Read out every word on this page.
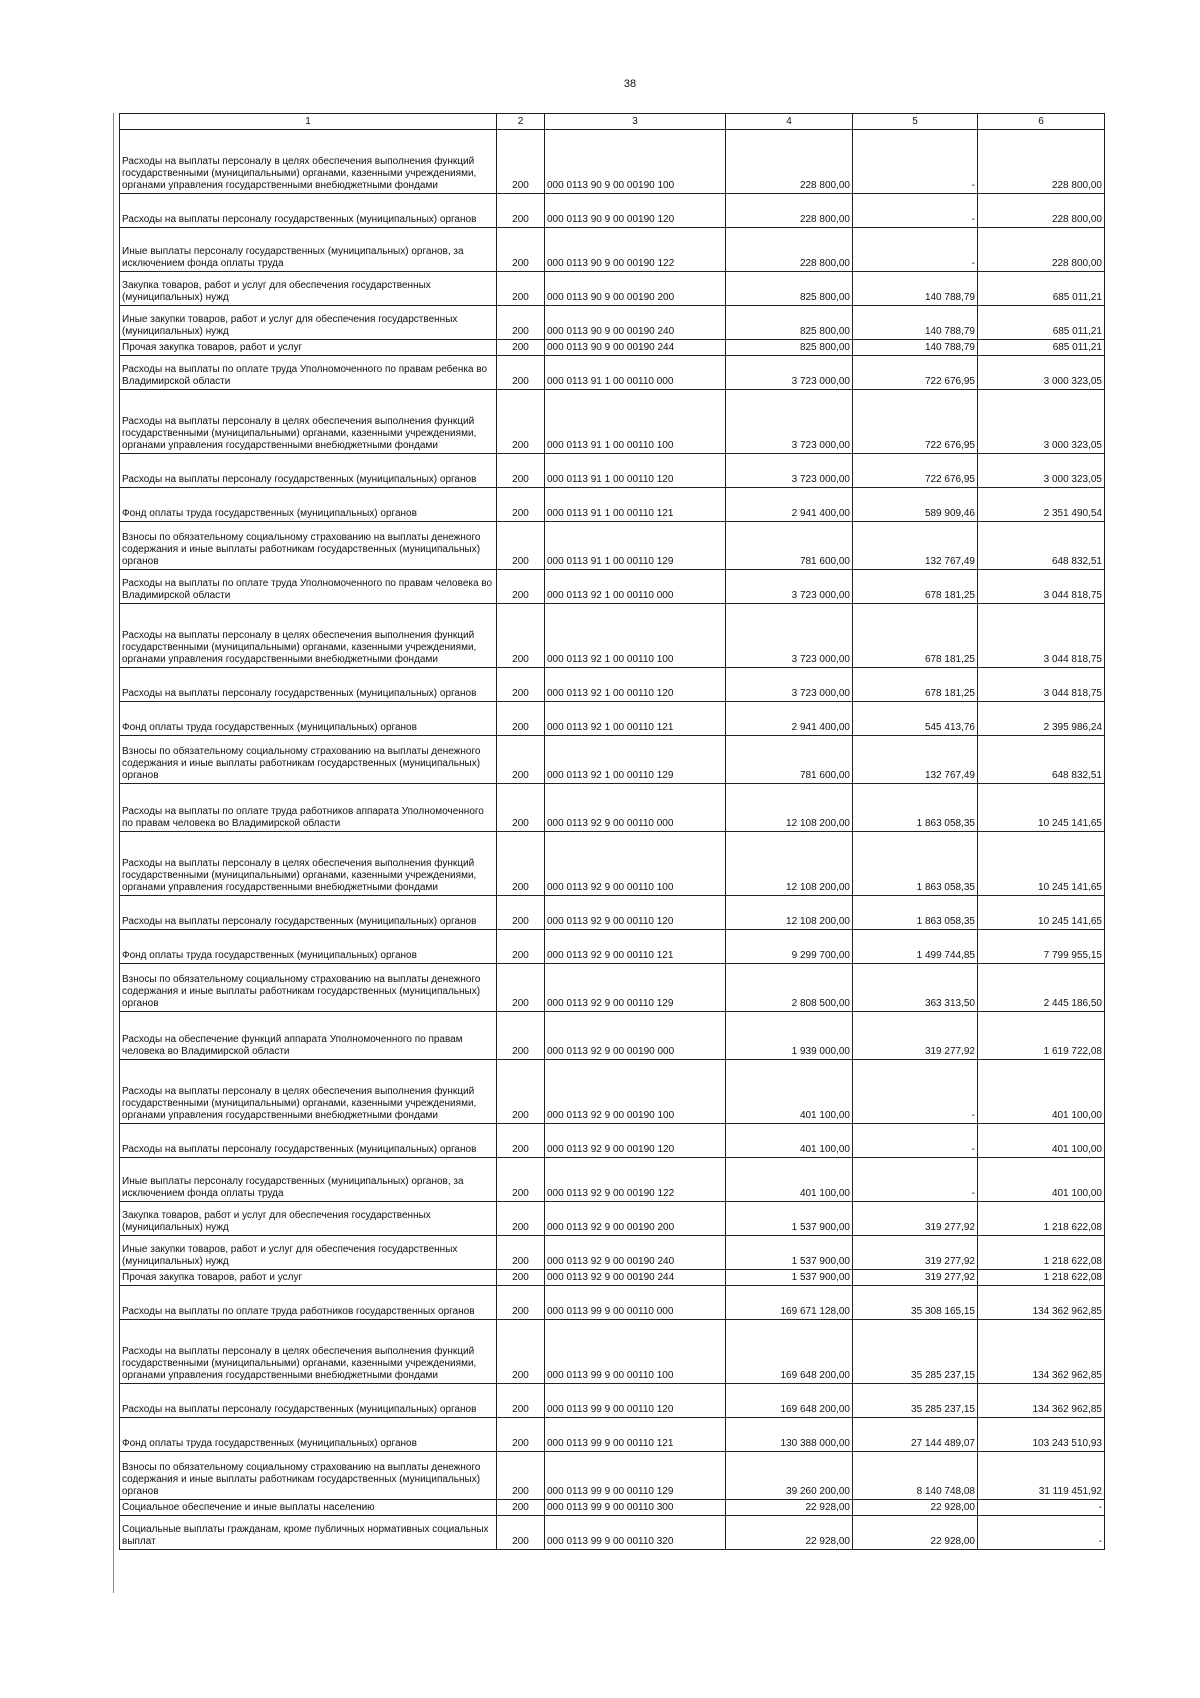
38
1	2	3	4	5	6
Расходы на выплаты персоналу в целях обеспечения выполнения функций государственными (муниципальными) органами, казенными учреждениями, органами управления государственными внебюджетными фондами	200	000 0113 90 9 00 00190 100	228 800,00	-	228 800,00
Расходы на выплаты персоналу государственных (муниципальных) органов	200	000 0113 90 9 00 00190 120	228 800,00	-	228 800,00
Иные выплаты персоналу государственных (муниципальных) органов, за исключением фонда оплаты труда	200	000 0113 90 9 00 00190 122	228 800,00	-	228 800,00
Закупка товаров, работ и услуг для обеспечения государственных (муниципальных) нужд	200	000 0113 90 9 00 00190 200	825 800,00	140 788,79	685 011,21
Иные закупки товаров, работ и услуг для обеспечения государственных (муниципальных) нужд	200	000 0113 90 9 00 00190 240	825 800,00	140 788,79	685 011,21
Прочая закупка товаров, работ и услуг	200	000 0113 90 9 00 00190 244	825 800,00	140 788,79	685 011,21
Расходы на выплаты по оплате труда Уполномоченного по правам ребенка во Владимирской области	200	000 0113 91 1 00 00110 000	3 723 000,00	722 676,95	3 000 323,05
Расходы на выплаты персоналу в целях обеспечения выполнения функций государственными (муниципальными) органами, казенными учреждениями, органами управления государственными внебюджетными фондами	200	000 0113 91 1 00 00110 100	3 723 000,00	722 676,95	3 000 323,05
Расходы на выплаты персоналу государственных (муниципальных) органов	200	000 0113 91 1 00 00110 120	3 723 000,00	722 676,95	3 000 323,05
Фонд оплаты труда государственных (муниципальных) органов	200	000 0113 91 1 00 00110 121	2 941 400,00	589 909,46	2 351 490,54
Взносы по обязательному социальному страхованию на выплаты денежного содержания и иные выплаты работникам государственных (муниципальных) органов	200	000 0113 91 1 00 00110 129	781 600,00	132 767,49	648 832,51
Расходы на выплаты по оплате труда Уполномоченного по правам человека во Владимирской области	200	000 0113 92 1 00 00110 000	3 723 000,00	678 181,25	3 044 818,75
Расходы на выплаты персоналу в целях обеспечения выполнения функций государственными (муниципальными) органами, казенными учреждениями, органами управления государственными внебюджетными фондами	200	000 0113 92 1 00 00110 100	3 723 000,00	678 181,25	3 044 818,75
Расходы на выплаты персоналу государственных (муниципальных) органов	200	000 0113 92 1 00 00110 120	3 723 000,00	678 181,25	3 044 818,75
Фонд оплаты труда государственных (муниципальных) органов	200	000 0113 92 1 00 00110 121	2 941 400,00	545 413,76	2 395 986,24
Взносы по обязательному социальному страхованию на выплаты денежного содержания и иные выплаты работникам государственных (муниципальных) органов	200	000 0113 92 1 00 00110 129	781 600,00	132 767,49	648 832,51
Расходы на выплаты по оплате труда работников аппарата Уполномоченного по правам человека во Владимирской области	200	000 0113 92 9 00 00110 000	12 108 200,00	1 863 058,35	10 245 141,65
Расходы на выплаты персоналу в целях обеспечения выполнения функций государственными (муниципальными) органами, казенными учреждениями, органами управления государственными внебюджетными фондами	200	000 0113 92 9 00 00110 100	12 108 200,00	1 863 058,35	10 245 141,65
Расходы на выплаты персоналу государственных (муниципальных) органов	200	000 0113 92 9 00 00110 120	12 108 200,00	1 863 058,35	10 245 141,65
Фонд оплаты труда государственных (муниципальных) органов	200	000 0113 92 9 00 00110 121	9 299 700,00	1 499 744,85	7 799 955,15
Взносы по обязательному социальному страхованию на выплаты денежного содержания и иные выплаты работникам государственных (муниципальных) органов	200	000 0113 92 9 00 00110 129	2 808 500,00	363 313,50	2 445 186,50
Расходы на обеспечение функций аппарата Уполномоченного по правам человека во Владимирской области	200	000 0113 92 9 00 00190 000	1 939 000,00	319 277,92	1 619 722,08
Расходы на выплаты персоналу в целях обеспечения выполнения функций государственными (муниципальными) органами, казенными учреждениями, органами управления государственными внебюджетными фондами	200	000 0113 92 9 00 00190 100	401 100,00	-	401 100,00
Расходы на выплаты персоналу государственных (муниципальных) органов	200	000 0113 92 9 00 00190 120	401 100,00	-	401 100,00
Иные выплаты персоналу государственных (муниципальных) органов, за исключением фонда оплаты труда	200	000 0113 92 9 00 00190 122	401 100,00	-	401 100,00
Закупка товаров, работ и услуг для обеспечения государственных (муниципальных) нужд	200	000 0113 92 9 00 00190 200	1 537 900,00	319 277,92	1 218 622,08
Иные закупки товаров, работ и услуг для обеспечения государственных (муниципальных) нужд	200	000 0113 92 9 00 00190 240	1 537 900,00	319 277,92	1 218 622,08
Прочая закупка товаров, работ и услуг	200	000 0113 92 9 00 00190 244	1 537 900,00	319 277,92	1 218 622,08
Расходы на выплаты по оплате труда работников государственных органов	200	000 0113 99 9 00 00110 000	169 671 128,00	35 308 165,15	134 362 962,85
Расходы на выплаты персоналу в целях обеспечения выполнения функций государственными (муниципальными) органами, казенными учреждениями, органами управления государственными внебюджетными фондами	200	000 0113 99 9 00 00110 100	169 648 200,00	35 285 237,15	134 362 962,85
Расходы на выплаты персоналу государственных (муниципальных) органов	200	000 0113 99 9 00 00110 120	169 648 200,00	35 285 237,15	134 362 962,85
Фонд оплаты труда государственных (муниципальных) органов	200	000 0113 99 9 00 00110 121	130 388 000,00	27 144 489,07	103 243 510,93
Взносы по обязательному социальному страхованию на выплаты денежного содержания и иные выплаты работникам государственных (муниципальных) органов	200	000 0113 99 9 00 00110 129	39 260 200,00	8 140 748,08	31 119 451,92
Социальное обеспечение и иные выплаты населению	200	000 0113 99 9 00 00110 300	22 928,00	22 928,00	-
Социальные выплаты гражданам, кроме публичных нормативных социальных выплат	200	000 0113 99 9 00 00110 320	22 928,00	22 928,00	-
